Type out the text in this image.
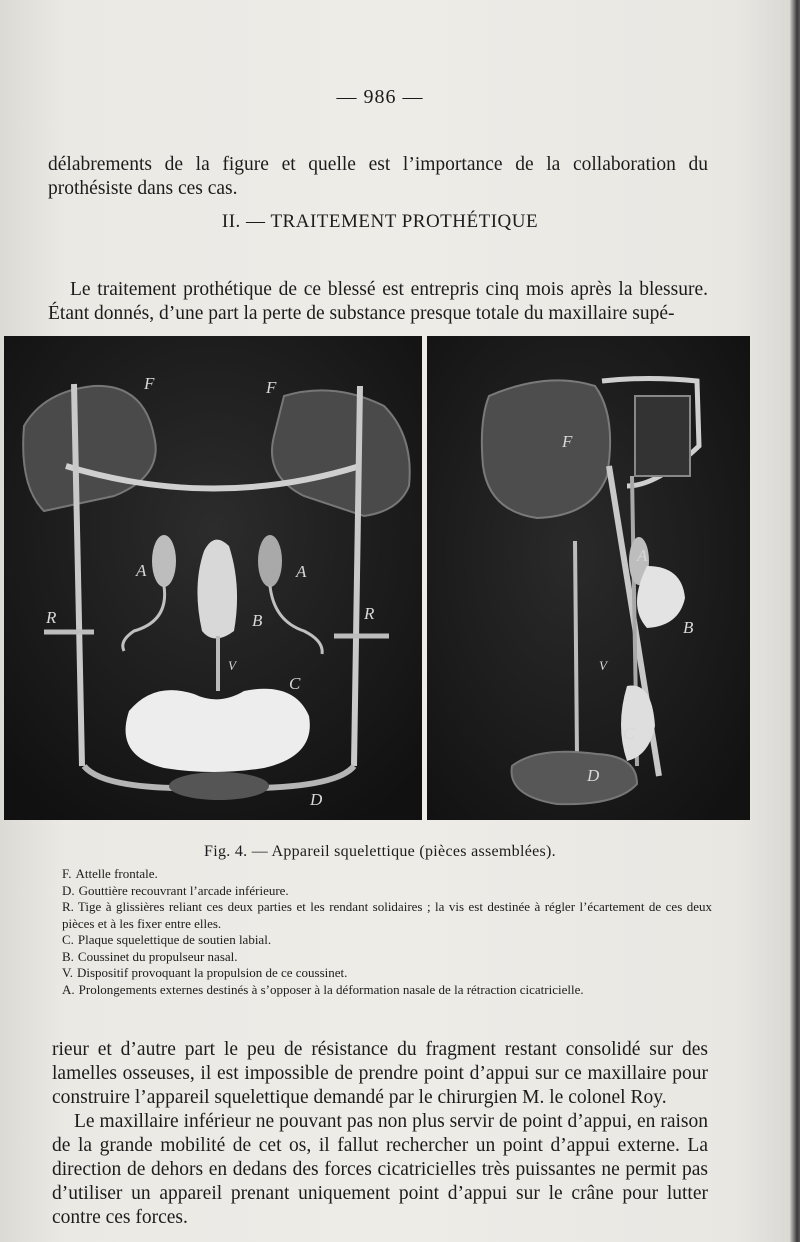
— 986 —

délabrements de la figure et quelle est l’importance de la collaboration du prothésiste dans ces cas.

II. — TRAITEMENT PROTHÉTIQUE

Le traitement prothétique de ce blessé est entrepris cinq mois après la blessure. Étant donnés, d’une part la perte de substance presque totale du maxillaire supé-

F	F
A	A
B
R	R
V
C
D
F
A
B
V
C
D
Fig. 4. — Appareil squelettique (pièces assemblées).

F. Attelle frontale.

D. Gouttière recouvrant l’arcade inférieure.

R. Tige à glissières reliant ces deux parties et les rendant solidaires ; la vis est destinée à régler l’écartement de ces deux pièces et à les fixer entre elles.

C. Plaque squelettique de soutien labial.

B. Coussinet du propulseur nasal.

V. Dispositif provoquant la propulsion de ce coussinet.

A. Prolongements externes destinés à s’opposer à la déformation nasale de la rétraction cicatricielle.

rieur et d’autre part le peu de résistance du fragment restant consolidé sur des lamelles osseuses, il est impossible de prendre point d’appui sur ce maxillaire pour construire l’appareil squelettique demandé par le chirurgien M. le colonel Roy.

Le maxillaire inférieur ne pouvant pas non plus servir de point d’appui, en raison de la grande mobilité de cet os, il fallut rechercher un point d’appui externe. La direction de dehors en dedans des forces cicatricielles très puissantes ne permit pas d’utiliser un appareil prenant uniquement point d’appui sur le crâne pour lutter contre ces forces.
